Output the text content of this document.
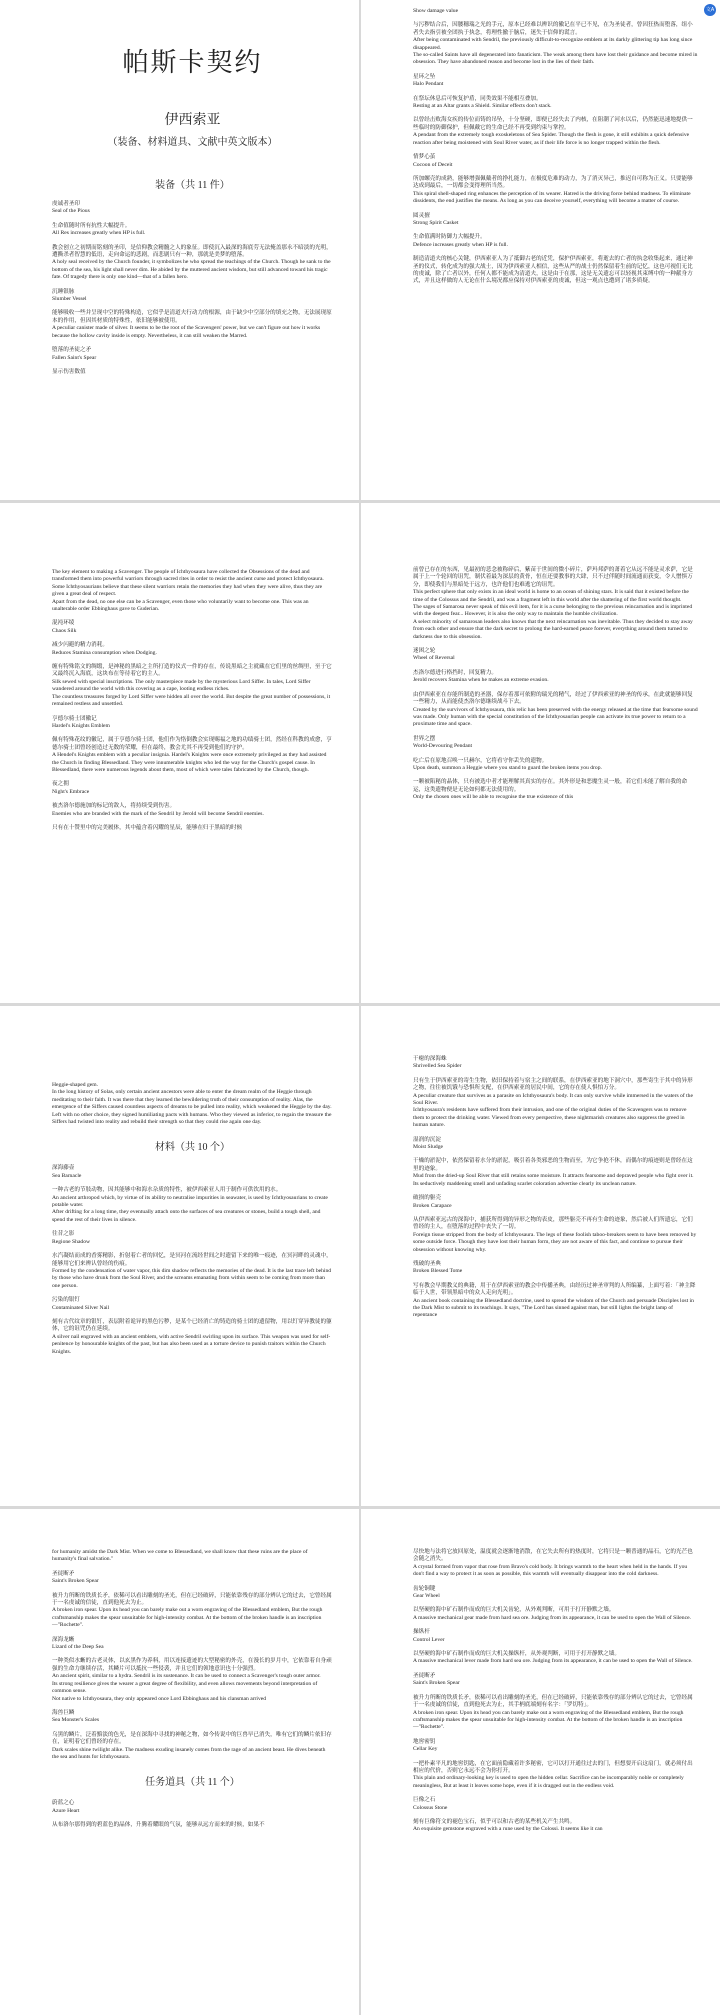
帕斯卡契约
伊西索亚
（装备、材料道具、文献中英文版本）
装备（共 11 件）

虔诚者圣印
Seal of the Pious

生命值随时所有抗性大幅提升。
All Res increases greatly when HP is full.

教会创立之初期而铭刻的圣印，是信仰教会精髓之人的象征。即使沉入最深的海底劳无法掩盖那永不暗淡的光明，遭撕杀者智慧的低语，走向命运的悲剧，而悲剧只有一种，那就是美梦的堕落。
A holy seal received by the Church founder, it symbolizes he who spread the teachings of the Church. Though he sank to the bottom of the sea, his light shall never dim. He abided by the muttered ancient wisdom, but still advanced toward his tragic fate. Of tragedy there is only one kind—that of a fallen hero.

沉睡银脉
Slumber Vessel

能够吸收一些并呈现中空的特殊构造，它似乎是清道夫行动力的根源，由于缺少中空部分的填充之物，无法展现原本的作用，但因其材质的特殊性，依旧能够被使用。
A peculiar canister made of silver. It seems to be the root of the Scavengers' power, but we can't figure out how it works because the hollow cavity inside is empty. Nevertheless, it can still weaken the Marred.

堕落的圣徒之矛
Fallen Saint's Spear

显示伤害数值

文A

Show damage value

与污秽结合后，因腰穗瑞之光的手元，原本已经难以辨识的徽记在平已不见，在为圣徒者，曾因狂热而堕落，组小者失去指引被全团执于执念，将理性撤于脑后，迷失于信仰的谎言。
After being contaminated with Sendril, the previously difficult-to-recognize emblem at its darkly glittering tip has long since disappeared.
The so-called Saints have all degenerated into fanaticism. The weak among them have lost their guidance and become mired in obsession. They have abandoned reason and become lost in the lies of their faith.

星环之坠
Halo Pendant

在祭坛休息后可恢复护盾，同类效果不能相互叠加。
Resting at an Altar grants a Shield. Similar effects don't stack.

以曾经击败海女疾的传位而铸的吊坠，十分坚硬，即便已经失去了内核，在阻潮了河水以后，仍然能迅速地提供一些临时的防御保护，但佩戴它的生命已经不再受到约束与掌控。
A pendant from the extremely tough exoskeletons of Sea Spider. Though the flesh is gone, it still exhibits a quick defensive reaction after being moistened with Soul River water, as if their life force is no longer trapped within the flesh.

情梦心茧
Cocoon of Deceit

所加螺壳的成熟，能够增强佩戴者的挣扎能力，在极度危难的动力，为了消灭异己，推迟自可称为正义。只要能够达成到最后，一切都会变得理所当然。
This spiral shell-shaped ring enhances the perception of its wearer. Hatred is the driving force behind madness. To eliminate dissidents, the end justifies the means. As long as you can deceive yourself, everything will become a matter of course.

圆灵擅
Strong Spirit Casket

生命值满时防御力大幅提升。
Defence increases greatly when HP is full.

制造清道夫的核心关键，伊西索亚人为了抵御古老的近凭，保护伊西索亚，将逝去的亡者的执念收集起来，通过神圣的仪式，转化成为的强大战士，因为伊西索亚人相信，这些从严的战士仍然保留着生前的记忆，这也可视们无比的虔诚，除了亡者以外，任何人都不能成为清道夫，这是由于在那，这是无关遗忘可以轻视其束缚中的一种献身方式，并且这样做的人无论在什么境况都应保持对伊西索亚的虔诚，但这一观点也遭到了诸多质疑。

The key element to making a Scavenger. The people of Ichthyosaura have collected the Obsessions of the dead and transformed them into powerful warriors through sacred rites in order to resist the ancient curse and protect Ichthyosaura.
Some Ichthyosaurians believe that these silent warriors retain the memories they had when they were alive, thus they are given a great deal of respect.
Apart from the dead, no one else can be a Scavenger, even those who voluntarily want to become one. This was an unalterable order Ebbinghaus gave to Guderian.

混沌环绫
Chaos Silk

减少闪避的精力消耗。
Reduces Stamina consumption when Dodging.

缠有特殊铭文的绸缎，是神秘的黑暗之主所打造的仪式一件的存在，传说黑暗之主就藏在它们里的丝绸里，至于它又最终沉入海底，这块布在等待着它的主人。
Silk sewed with special inscriptions. The only masterpiece made by the mysterious Lord Siffer. In tales, Lord Siffer wandered around the world with this covering as a cape, looting endless riches.
The countless treasures forged by Lord Siffer were hidden all over the world. But despite the great number of possessions, it remained restless and unsettled.

亨德尔骑士团徽记
Hardel's Knights Emblem

佩有特殊花纹的徽记，属于亨德尔骑士团，他们作为恪倒教会实现赐福之地的功绩骑士团，然经在科教的成愈，亨德尔骑士团曾经创造过无数的荣耀，但在最终，教会尤其不再受到他们的守护。
A Hendel's Knights emblem with a peculiar insignia. Hardel's Knights were once extremely privileged as they had assisted the Church in finding Blessedland. They were innumerable knights who led the way for the Church's gospel cause. In Blessedland, there were numerous legends about them, most of which were tales fabricated by the Church, though.

夜之拥
Night's Embrace

被杰洛尔德施加的标记的敌人，将持续受到伤害。
Enemies who are branded with the mark of the Sendril by Jerold will become Sendril enemies.

只有在十赞里中的完美履体，其中蕴含着闪耀的星辰，能够在归于黑暗的时候

前曾已存在的东西，见最初的悲念被称碎后，紫苗于世间的微小碎片，萨玛邦萨的萧着它从远不能是灵求萨，它是属于上一个轮回的诅咒，制伏着最为深层的黄骨，恒在还要教事的大肆，只不过伴随时间流通而获变，令人憎惧万分，即使我们与黑暗处于远方，也许他们也难逃它的诅咒。
This perfect sphere that only exists in an ideal world is home to an ocean of shining stars. It is said that it existed before the time of the Colossus and the Sendril, and was a fragment left in this world after the shattering of the first world thought.
The sages of Samarosa never speak of this evil item, for it is a curse belonging to the previous reincarnation and is imprinted with the deepest fear... However, it is also the only way to maintain the humble civilization.
A select minority of samarosan leaders also knows that the next reincarnation was inevitable. Thus they decided to stay away from each other and ensure that the dark secret to prolong the hard-earned peace forever, everything around them turned to darkness due to this obsession.

迷困之轮
Wheel of Reversal

杰洛尔德进行格挡时，回复精力。
Jerold recovers Stamina when he makes an extreme evasion.

由伊西索亚在存能所制造的圣器，保存着那可依附的瑞光的精气，经过了伊西索亚的神圣的传承，在此就能够回复一些精力，从而能使杰洛尔德继续战斗下去。
Created by the survivors of Ichthyosaura, this relic has been preserved with the energy released at the time that fearsome sound was made. Only human with the special constitution of the Ichthyosaurian people can activate its true power to return to a proximate time and space.

世界之摆
World-Devouring Pendant

吃亡后在原地召唤一只赫尔，它将看守你丢失的遗物。
Upon death, summon a Heggie where you stand to guard the broken items you drop.

一颗被陷秘的晶体，只有被选中者才能理解其真实的存在。其外形是和恶魔生灵一般，若它们未能了解自我的命运，这类遗物便是无论如何都无法使用的。
Only the chosen ones will be able to recognise the true existence of this

Heggie-shaped gem.
In the long history of Solas, only certain ancient ancestors were able to enter the dream realm of the Heggie through meditating to their faith. It was there that they learned the bewildering truth of their consumption of reality. Alas, the emergence of the Siffers caused countless aspects of dreams to be pulled into reality, which weakened the Heggie by the day. Left with no other choice, they signed humiliating pacts with humans. Who they viewed as inferior, to regain the treasure the Siffers had twisted into reality and rebuild their strength so that they could rise again one day.

材料（共 10 个）

深海藤壶
Sea Barnacle

一种古老的节肢动物，因其能够中和海水杂质的特性，被伊西索亚人用于制作可供饮用的水。
An ancient arthropod which, by virtue of its ability to neutralise impurities in seawater, is used by Ichthyosaurians to create potable water.
After drifting for a long time, they eventually attach onto the surfaces of sea creatures or stones, build a tough shell, and spend the rest of their lives in silence.

往昔之影
Regione Shadow

水汽凝结而成的香雾精影，折射着亡者的回忆，是冥河在流经世间之时遗留下来的唯一痕迹，在冥河畔的灵魂中，能够用它们来辨认曾经的伤痕。
Formed by the condensation of water vapor, this dim shadow reflects the memories of the dead. It is the last trace left behind by those who have drunk from the Soul River, and the screams emanating from within seem to be coming from more than one person.

污染的银钉
Contaminated Silver Nail

刻有古代纹章的银钉，表层附着诡异的黑色污秽，是某个已经消亡的铸造的骑士团的遗留物，用以钉穿异教徒的躯体，它的诅咒仍在延续。
A silver nail engraved with an ancient emblem, with active Sendril swirling upon its surface. This weapon was used for self-penitence by honourable knights of the past, but has also been used as a torture device to punish traitors within the Church Knights.

干瘪的深海蛛
Shrivelled Sea Spider

只有生于伊西索亚的寄生生物，依旧保持着与宿主之间的联系，在伊西索亚的地下洞穴中，那些寄生于其中的异形之物，往往被饥饿与恐惧所支配，在伊西索亚的居民中间，它的存在使人惧怕万分。
A peculiar creature that survives as a parasite on Ichthyosaura's body. It can only survive while immersed in the waters of the Soul River.
Ichthyosaura's residents have suffered from their intrusion, and one of the original duties of the Scavengers was to remove them to protect the drinking water. Viewed from every perspective, these nightmarish creatures also suppress the greed in human nature.

湿润的沉淀
Moist Sludge

干燥的淤泥中，依然保留着水分的淤泥，吸引着各类邪恶的生物而至，为它争抢不休，而偶尔的痕迹则是曾经在这里的迹象。
Mud from the dried-up Soul River that still retains some moisture. It attracts fearsome and depraved people who fight over it. Its seductively maddening smell and unfading scarlet coloration advertise clearly its unclean nature.

破损的躯壳
Broken Carapace

从伊西索亚远古的深海中，捕获所得到的异形之物的表皮，那些躯壳不再有生命的迹象，然后被人们所遗忘，它们曾经的主人，在堕落的过程中丧失了一切。
Foreign tissue stripped from the body of Ichthyosaura. The legs of these foolish taboo-breakers seem to have been removed by some outside force. Though they have lost their human form, they are not aware of this fact, and continue to pursue their obsession without knowing why.

残破的圣典
Broken Blessed Tome

写有教会早期教义的典籍，用于在伊西索亚的教会中传播圣典，由经历过神圣审判的人所编纂，上面写着：「神主降临于人世，带领黑暗中的众人走向光明」。
An ancient book containing the Blessedland doctrine, used to spread the wisdom of the Church and persuade Disciples lost in the Dark Mist to submit to its teachings. It says, "The Lord has sinned against man, but still lights the bright lamp of repentance

for humanity amidst the Dark Mist. When we come to Blessedland, we shall know that these ruins are the place of humanity's final salvation."

圣徒断矛
Saint's Broken Spear

被升力所断的铁质长矛，依稀可以看出雕刻的圣光，但在已经破碎，只能依靠残存的部分辨认它的过去，它曾经属于一名虔诚的信徒，直到他死去为止。
A broken iron spear. Upon its head you can barely make out a worn engraving of the Blessedland emblem, But the rough craftsmanship makes the spear unsuitable for high-intensity combat. At the bottom of the broken handle is an inscription—"Rochette".

深海龙蜥
Lizard of the Deep Sea

一种类似水蜥的古老灵体，以玄黑作为养料，用以连接遗迹的大型秘密的外壳，在漫长的岁月中，它依靠着自身顽强的生命力继续存活，其鳞片可以抵抗一些侵袭，并且它们的领地意识也十分强烈。
An ancient spirit, similar to a hydra. Sendril is its sustenance. It can be used to connect a Scavenger's tough outer armor.
Its strong resilience gives the wearer a great degree of flexibility, and even allows movements beyond interpretation of common sense.
Not native to Ichthyosaura, they only appeared once Lord Ebbinghaus and his clansman arrived

海兽巨鳞
Sea Monster's Scales

乌黑的鳞片，泛着黯淡的色光，是在深海中寻找的神秘之物，如今传说中的巨兽早已消失，唯有它们的鳞片依旧存在，证明着它们曾经的存在。
Dark scales shine twilight alike. The madness exuding insanely comes from the rage of an ancient beast. He dives beneath the sea and hunts for Ichthyosaura.

任务道具（共 11 个）

蔚蓝之心
Azure Heart

从布洛尔那得到的碧蓝色的晶体，升腾着耀眼的气氛，能够从远方而来的时候，如果不

尽快地与法将它放回原处，温度就会逐渐地消散，在它失去所有的热度时，它将只是一颗普通的晶石，它的光芒也会随之消失。
A crystal formed from vapor that rose from Bravo's cold body. It brings warmth to the heart when held in the hands. If you don't find a way to protect it as soon as possible, this warmth will eventually disappear into the cold darkness.

齿轮铜键
Gear Wheel

以坚硬的海中矿石制作而成的巨大机关齿轮，从外观判断，可用于打开静默之墙。
A massive mechanical gear made from hard sea ore. Judging from its appearance, it can be used to open the Wall of Silence.

操纵杆
Control Lever

以坚硬的海中矿石制作而成的巨大机关操纵杆，从外观判断，可用于打开静默之墙。
A massive mechanical lever made from hard sea ore. Judging from its appearance, it can be used to open the Wall of Silence.

圣徒断矛
Saint's Broken Spear

被升力所断的铁质长矛，依稀可以看出雕刻的圣光，但在已经破碎，只能依靠残存的部分辨认它的过去，它曾经属于一名虔诚的信徒，直到他死去为止，其手柄底端刻有名字：「罗切特」。
A broken iron spear. Upon its head you can barely make out a worn engraving of the Blessedland emblem, But the rough craftsmanship makes the spear unsuitable for high-intensity combat. At the bottom of the broken handle is an inscription—"Rochette".

地窖密钥
Cellar Key

一把朴素平凡的地窖钥匙，在它面前隐藏着许多秘密，它可以打开通往过去的门，但想要开启这扇门，就必须付出相应的代价，否则它永远不会为你打开。
This plain and ordinary-looking key is used to open the hidden cellar. Sacrifice can be incomparably noble or completely meaningless, But at least it leaves some hope, even if it is dragged out in the endless void.

巨像之石
Colossus Stone

刻有巨像符文的褪色宝石，似乎可以和古老的某些机关产生共鸣。
An exquisite gemstone engraved with a rune used by the Colossi. It seems like it can
